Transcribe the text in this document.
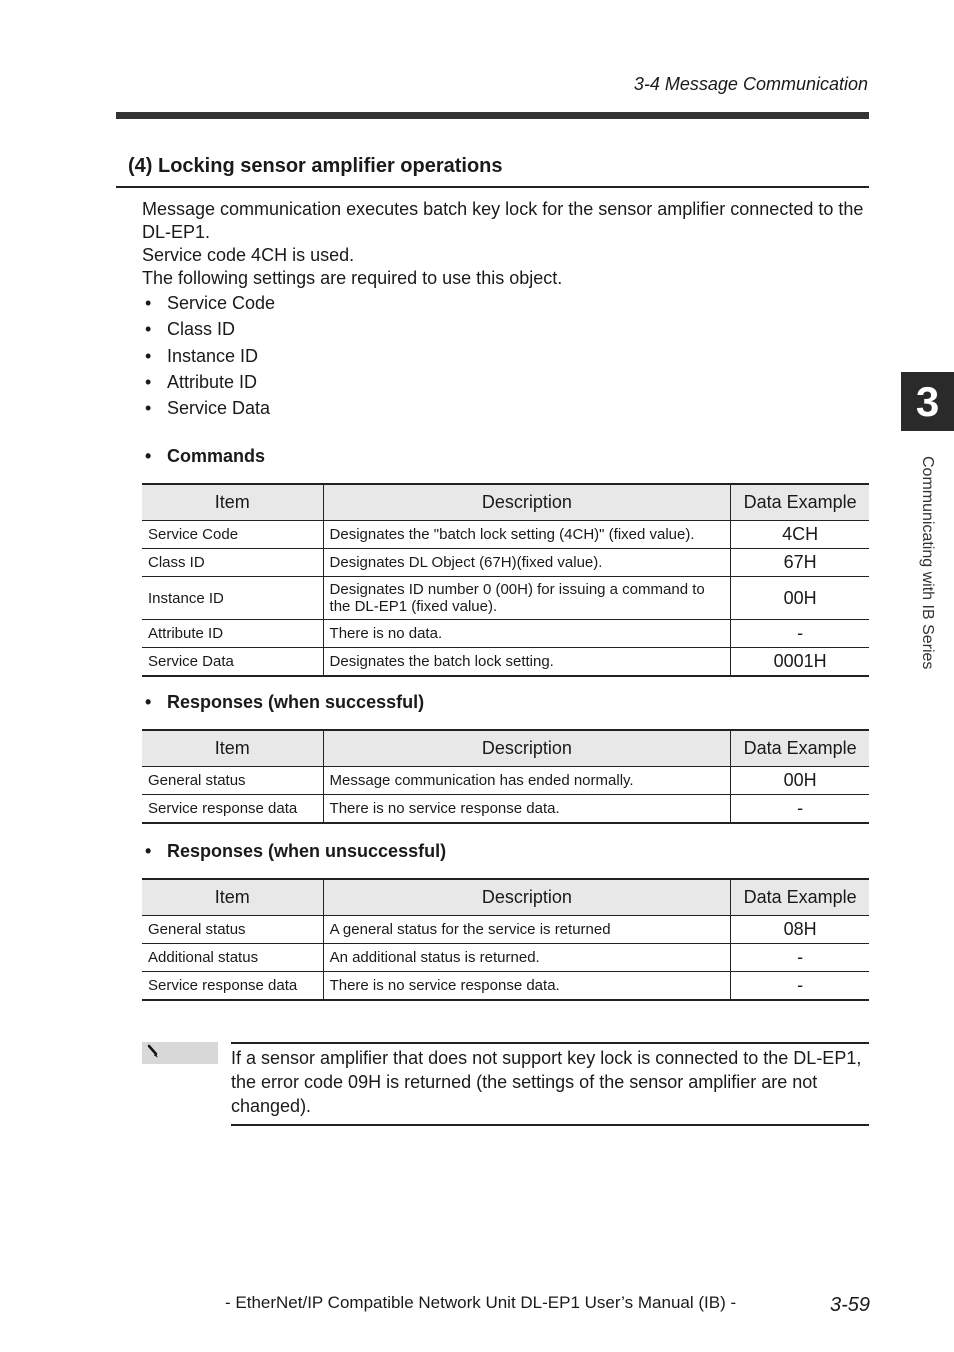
3-4 Message Communication
(4) Locking sensor amplifier operations

Message communication executes batch key lock for the sensor amplifier connected to the DL-EP1.

Service code 4CH is used.

The following settings are required to use this object.

• Service Code
• Class ID
• Instance ID
• Attribute ID
• Service Data
• Commands
Item	Description	Data Example
Service Code	Designates the "batch lock setting (4CH)" (fixed value).	4CH
Class ID	Designates DL Object (67H)(fixed value).	67H
Instance ID	Designates ID number 0 (00H) for issuing a command to the DL-EP1 (fixed value).	00H
Attribute ID	There is no data.	-
Service Data	Designates the batch lock setting.	0001H
• Responses (when successful)
Item	Description	Data Example
General status	Message communication has ended normally.	00H
Service response data	There is no service response data.	-
• Responses (when unsuccessful)
Item	Description	Data Example
General status	A general status for the service is returned	08H
Additional status	An additional status is returned.	-
Service response data	There is no service response data.	-
If a sensor amplifier that does not support key lock is connected to the DL-EP1, the error code 09H is returned (the settings of the sensor amplifier are not changed).
3
Communicating with IB Series
- EtherNet/IP Compatible Network Unit DL-EP1 User’s Manual (IB) -	3-59
